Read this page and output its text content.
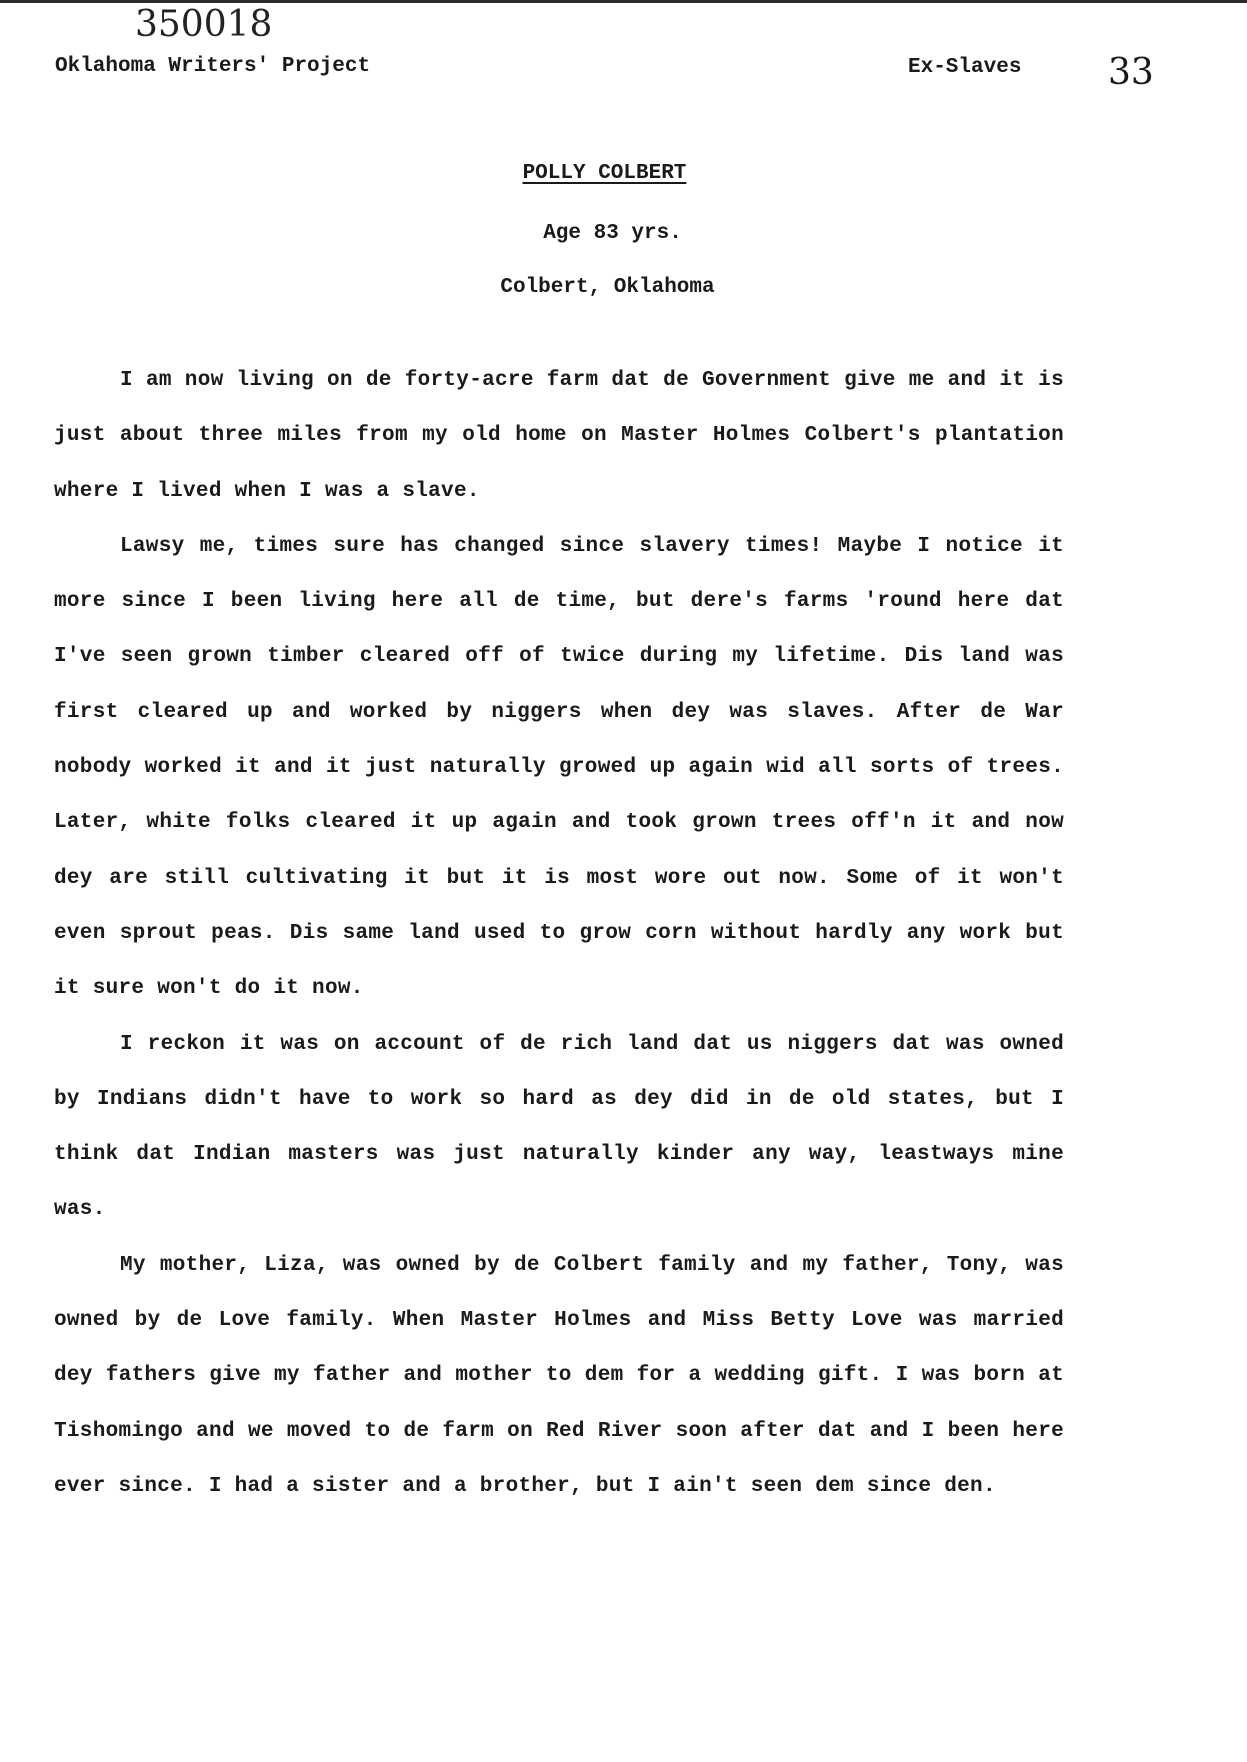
350018
Oklahoma Writers' Project	Ex-Slaves 33
POLLY COLBERT
Age 83 yrs.
Colbert, Oklahoma

I am now living on de forty-acre farm dat de Government give me and it is just about three miles from my old home on Master Holmes Colbert's plantation where I lived when I was a slave.

Lawsy me, times sure has changed since slavery times! Maybe I notice it more since I been living here all de time, but dere's farms 'round here dat I've seen grown timber cleared off of twice during my lifetime. Dis land was first cleared up and worked by niggers when dey was slaves. After de War nobody worked it and it just naturally growed up again wid all sorts of trees. Later, white folks cleared it up again and took grown trees off'n it and now dey are still cultivating it but it is most wore out now. Some of it won't even sprout peas. Dis same land used to grow corn without hardly any work but it sure won't do it now.

I reckon it was on account of de rich land dat us niggers dat was owned by Indians didn't have to work so hard as dey did in de old states, but I think dat Indian masters was just naturally kinder any way, leastways mine was.

My mother, Liza, was owned by de Colbert family and my father, Tony, was owned by de Love family. When Master Holmes and Miss Betty Love was married dey fathers give my father and mother to dem for a wedding gift. I was born at Tishomingo and we moved to de farm on Red River soon after dat and I been here ever since. I had a sister and a brother, but I ain't seen dem since den.
